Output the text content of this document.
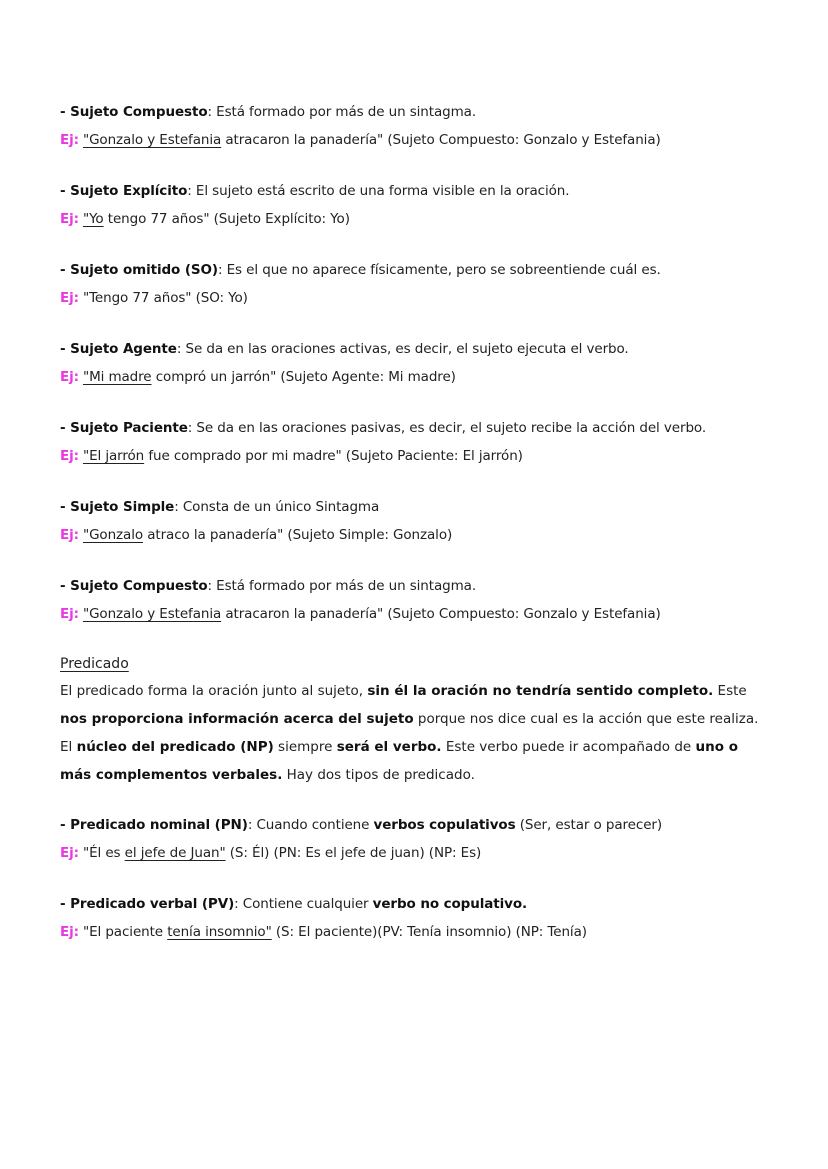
- Sujeto Compuesto: Está formado por más de un sintagma.
Ej: "Gonzalo y Estefania atracaron la panadería" (Sujeto Compuesto: Gonzalo y Estefania)
- Sujeto Explícito: El sujeto está escrito de una forma visible en la oración.
Ej: "Yo tengo 77 años" (Sujeto Explícito: Yo)
- Sujeto omitido (SO): Es el que no aparece físicamente, pero se sobreentiende cuál es.
Ej: "Tengo 77 años" (SO: Yo)
- Sujeto Agente: Se da en las oraciones activas, es decir, el sujeto ejecuta el verbo.
Ej: "Mi madre compró un jarrón" (Sujeto Agente: Mi madre)
- Sujeto Paciente: Se da en las oraciones pasivas, es decir, el sujeto recibe la acción del verbo.
Ej: "El jarrón fue comprado por mi madre" (Sujeto Paciente: El jarrón)
- Sujeto Simple: Consta de un único Sintagma
Ej: "Gonzalo atraco la panadería" (Sujeto Simple: Gonzalo)
- Sujeto Compuesto: Está formado por más de un sintagma.
Ej: "Gonzalo y Estefania atracaron la panadería" (Sujeto Compuesto: Gonzalo y Estefania)
Predicado
El predicado forma la oración junto al sujeto, sin él la oración no tendría sentido completo. Este nos proporciona información acerca del sujeto porque nos dice cual es la acción que este realiza. El núcleo del predicado (NP) siempre será el verbo. Este verbo puede ir acompañado de uno o más complementos verbales. Hay dos tipos de predicado.
- Predicado nominal (PN): Cuando contiene verbos copulativos (Ser, estar o parecer)
Ej: "Él es el jefe de Juan" (S: Él) (PN: Es el jefe de juan) (NP: Es)
- Predicado verbal (PV): Contiene cualquier verbo no copulativo.
Ej: "El paciente tenía insomnio" (S: El paciente)(PV: Tenía insomnio) (NP: Tenía)
